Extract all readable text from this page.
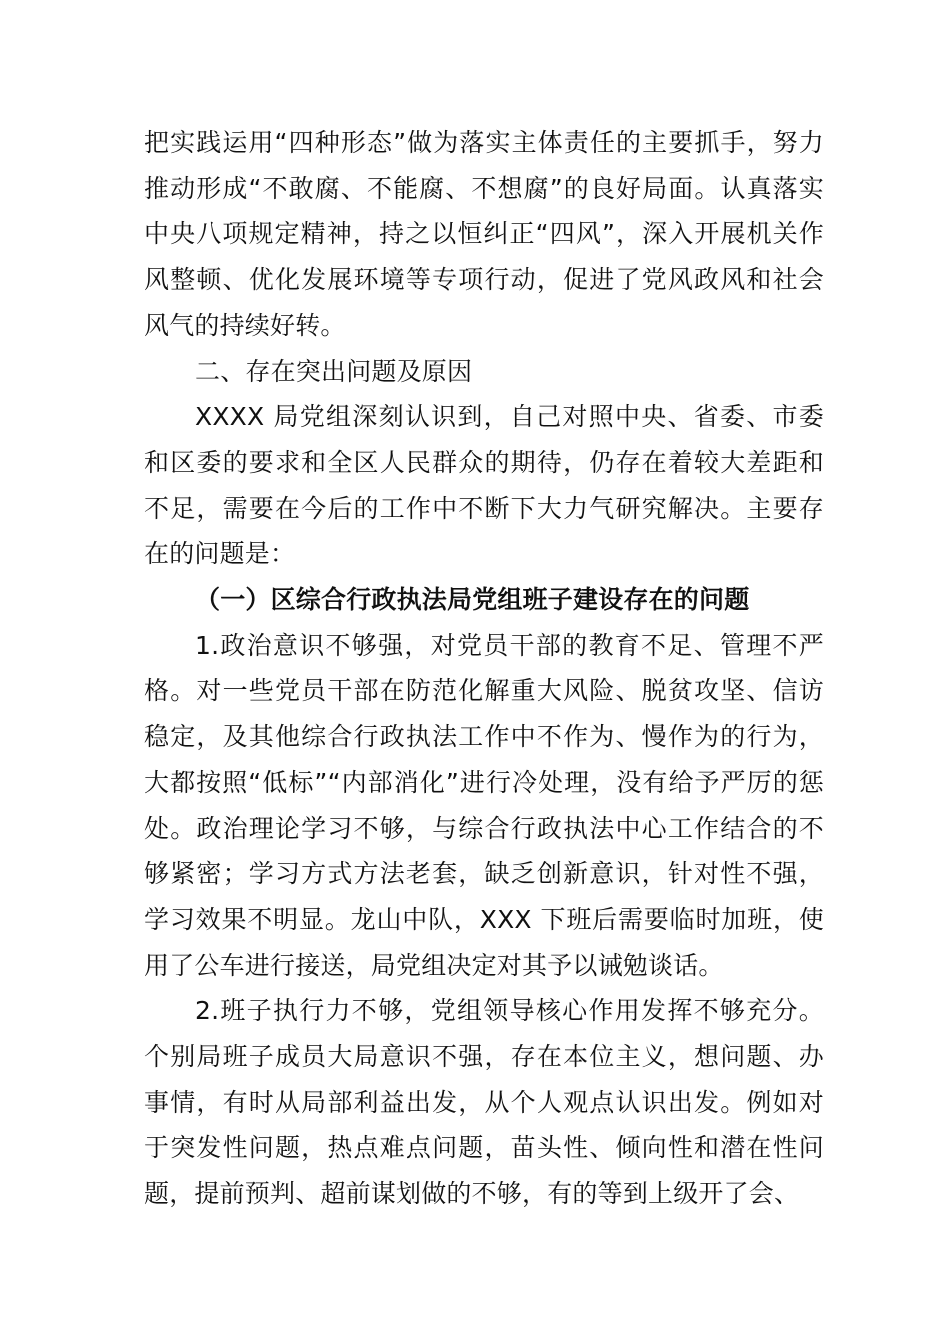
把实践运用“四种形态”做为落实主体责任的主要抓手，努力推动形成“不敢腐、不能腐、不想腐”的良好局面。认真落实中央八项规定精神，持之以恒纠正“四风”，深入开展机关作风整顿、优化发展环境等专项行动，促进了党风政风和社会风气的持续好转。

二、存在突出问题及原因

XXXX 局党组深刻认识到，自己对照中央、省委、市委和区委的要求和全区人民群众的期待，仍存在着较大差距和不足，需要在今后的工作中不断下大力气研究解决。主要存在的问题是：

（一）区综合行政执法局党组班子建设存在的问题

1.政治意识不够强，对党员干部的教育不足、管理不严格。对一些党员干部在防范化解重大风险、脱贫攻坚、信访稳定，及其他综合行政执法工作中不作为、慢作为的行为， 大都按照“低标”“内部消化”进行冷处理，没有给予严厉的惩处。政治理论学习不够，与综合行政执法中心工作结合的不够紧密；学习方式方法老套，缺乏创新意识，针对性不强， 学习效果不明显。龙山中队，XXX 下班后需要临时加班，使用了公车进行接送，局党组决定对其予以诫勉谈话。

2.班子执行力不够，党组领导核心作用发挥不够充分。个别局班子成员大局意识不强，存在本位主义，想问题、办事情，有时从局部利益出发，从个人观点认识出发。例如对于突发性问题，热点难点问题，苗头性、倾向性和潜在性问题，提前预判、超前谋划做的不够，有的等到上级开了会、
